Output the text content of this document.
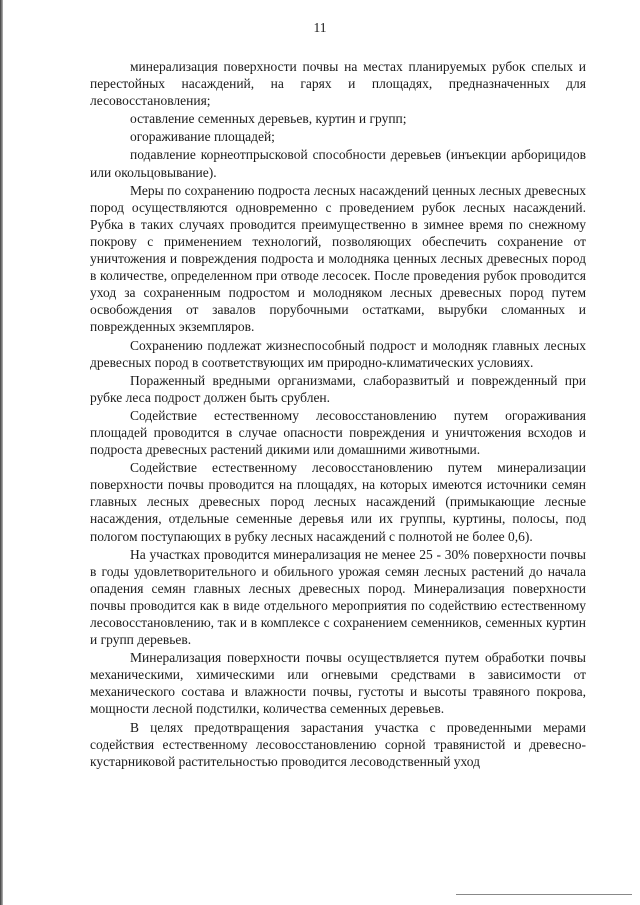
11

минерализация поверхности почвы на местах планируемых рубок спелых и перестойных насаждений, на гарях и площадях, предназначенных для лесовосстановления;

оставление семенных деревьев, куртин и групп;

огораживание площадей;

подавление корнеотпрысковой способности деревьев (инъекции арборицидов или окольцовывание).

Меры по сохранению подроста лесных насаждений ценных лесных древесных пород осуществляются одновременно с проведением рубок лесных насаждений. Рубка в таких случаях проводится преимущественно в зимнее время по снежному покрову с применением технологий, позволяющих обеспечить сохранение от уничтожения и повреждения подроста и молодняка ценных лесных древесных пород в количестве, определенном при отводе лесосек. После проведения рубок проводится уход за сохраненным подростом и молодняком лесных древесных пород путем освобождения от завалов порубочными остатками, вырубки сломанных и поврежденных экземпляров.

Сохранению подлежат жизнеспособный подрост и молодняк главных лесных древесных пород в соответствующих им природно-климатических условиях.

Пораженный вредными организмами, слаборазвитый и поврежденный при рубке леса подрост должен быть срублен.

Содействие естественному лесовосстановлению путем огораживания площадей проводится в случае опасности повреждения и уничтожения всходов и подроста древесных растений дикими или домашними животными.

Содействие естественному лесовосстановлению путем минерализации поверхности почвы проводится на площадях, на которых имеются источники семян главных лесных древесных пород лесных насаждений (примыкающие лесные насаждения, отдельные семенные деревья или их группы, куртины, полосы, под пологом поступающих в рубку лесных насаждений с полнотой не более 0,6).

На участках проводится минерализация не менее 25 - 30% поверхности почвы в годы удовлетворительного и обильного урожая семян лесных растений до начала опадения семян главных лесных древесных пород. Минерализация поверхности почвы проводится как в виде отдельного мероприятия по содействию естественному лесовосстановлению, так и в комплексе с сохранением семенников, семенных куртин и групп деревьев.

Минерализация поверхности почвы осуществляется путем обработки почвы механическими, химическими или огневыми средствами в зависимости от механического состава и влажности почвы, густоты и высоты травяного покрова, мощности лесной подстилки, количества семенных деревьев.

В целях предотвращения зарастания участка с проведенными мерами содействия естественному лесовосстановлению сорной травянистой и древесно-кустарниковой растительностью проводится лесоводственный уход
